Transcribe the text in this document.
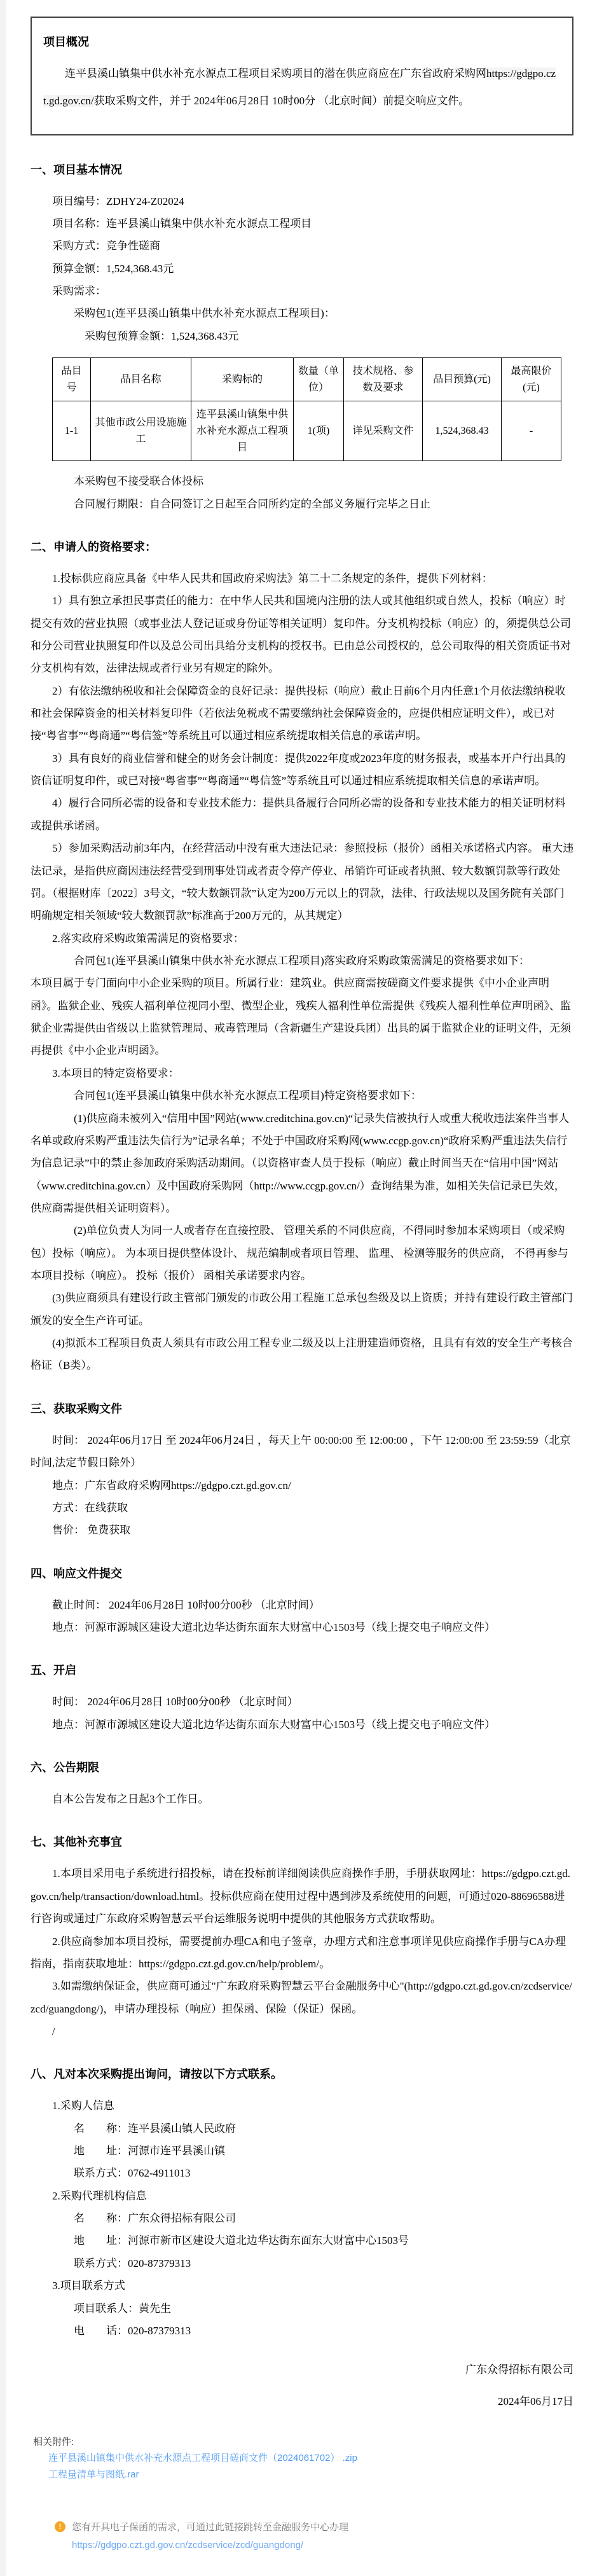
项目概况

连平县溪山镇集中供水补充水源点工程项目采购项目的潜在供应商应在广东省政府采购网https://gdgpo.czt.gd.gov.cn/获取采购文件，并于 2024年06月28日 10时00分 （北京时间）前提交响应文件。

一、项目基本情况

项目编号：ZDHY24-Z02024

项目名称：连平县溪山镇集中供水补充水源点工程项目

采购方式：竞争性磋商

预算金额：1,524,368.43元

采购需求：

采购包1(连平县溪山镇集中供水补充水源点工程项目)：

采购包预算金额：1,524,368.43元

品目号	品目名称	采购标的	数量（单位）	技术规格、参数及要求	品目预算(元)	最高限价(元)
1-1	其他市政公用设施施工	连平县溪山镇集中供水补充水源点工程项目	1(项)	详见采购文件	1,524,368.43	-

本采购包不接受联合体投标

合同履行期限：自合同签订之日起至合同所约定的全部义务履行完毕之日止

二、申请人的资格要求：

1.投标供应商应具备《中华人民共和国政府采购法》第二十二条规定的条件，提供下列材料：

1）具有独立承担民事责任的能力：在中华人民共和国境内注册的法人或其他组织或自然人，投标（响应）时提交有效的营业执照（或事业法人登记证或身份证等相关证明）复印件。分支机构投标（响应）的，须提供总公司和分公司营业执照复印件以及总公司出具给分支机构的授权书。已由总公司授权的，总公司取得的相关资质证书对分支机构有效，法律法规或者行业另有规定的除外。

2）有依法缴纳税收和社会保障资金的良好记录：提供投标（响应）截止日前6个月内任意1个月依法缴纳税收和社会保障资金的相关材料复印件（若依法免税或不需要缴纳社会保障资金的，应提供相应证明文件），或已对接“粤省事”“粤商通”“粤信签”等系统且可以通过相应系统提取相关信息的承诺声明。

3）具有良好的商业信誉和健全的财务会计制度：提供2022年度或2023年度的财务报表，或基本开户行出具的资信证明复印件，或已对接“粤省事”“粤商通”“粤信签”等系统且可以通过相应系统提取相关信息的承诺声明。

4）履行合同所必需的设备和专业技术能力：提供具备履行合同所必需的设备和专业技术能力的相关证明材料或提供承诺函。

5）参加采购活动前3年内，在经营活动中没有重大违法记录：参照投标（报价）函相关承诺格式内容。 重大违法记录，是指供应商因违法经营受到刑事处罚或者责令停产停业、吊销许可证或者执照、较大数额罚款等行政处罚。（根据财库〔2022〕3号文，“较大数额罚款”认定为200万元以上的罚款，法律、行政法规以及国务院有关部门明确规定相关领域“较大数额罚款”标准高于200万元的，从其规定）

2.落实政府采购政策需满足的资格要求：

合同包1(连平县溪山镇集中供水补充水源点工程项目)落实政府采购政策需满足的资格要求如下：

本项目属于专门面向中小企业采购的项目。所属行业：建筑业。供应商需按磋商文件要求提供《中小企业声明函》。监狱企业、残疾人福利单位视同小型、微型企业，残疾人福利性单位需提供《残疾人福利性单位声明函》、监狱企业需提供由省级以上监狱管理局、戒毒管理局（含新疆生产建设兵团）出具的属于监狱企业的证明文件，无须再提供《中小企业声明函》。

3.本项目的特定资格要求：

合同包1(连平县溪山镇集中供水补充水源点工程项目)特定资格要求如下：

(1)供应商未被列入“信用中国”网站(www.creditchina.gov.cn)“记录失信被执行人或重大税收违法案件当事人名单或政府采购严重违法失信行为”记录名单；不处于中国政府采购网(www.ccgp.gov.cn)“政府采购严重违法失信行为信息记录”中的禁止参加政府采购活动期间。（以资格审查人员于投标（响应）截止时间当天在“信用中国”网站（www.creditchina.gov.cn）及中国政府采购网（http://www.ccgp.gov.cn/）查询结果为准，如相关失信记录已失效，供应商需提供相关证明资料）。

(2)单位负责人为同一人或者存在直接控股、 管理关系的不同供应商，不得同时参加本采购项目（或采购包）投标（响应）。 为本项目提供整体设计、 规范编制或者项目管理、 监理、 检测等服务的供应商， 不得再参与本项目投标（响应）。 投标（报价） 函相关承诺要求内容。

(3)供应商须具有建设行政主管部门颁发的市政公用工程施工总承包叁级及以上资质；并持有建设行政主管部门颁发的安全生产许可证。

(4)拟派本工程项目负责人须具有市政公用工程专业二级及以上注册建造师资格，且具有有效的安全生产考核合格证（B类）。

三、获取采购文件

时间： 2024年06月17日 至 2024年06月24日 ，每天上午 00:00:00 至 12:00:00 ，下午 12:00:00 至 23:59:59（北京时间,法定节假日除外）

地点：广东省政府采购网https://gdgpo.czt.gd.gov.cn/

方式：在线获取

售价： 免费获取

四、响应文件提交

截止时间： 2024年06月28日 10时00分00秒 （北京时间）

地点：河源市源城区建设大道北边华达街东面东大财富中心1503号（线上提交电子响应文件）

五、开启

时间： 2024年06月28日 10时00分00秒 （北京时间）

地点：河源市源城区建设大道北边华达街东面东大财富中心1503号（线上提交电子响应文件）

六、公告期限

自本公告发布之日起3个工作日。

七、其他补充事宜

1.本项目采用电子系统进行招投标，请在投标前详细阅读供应商操作手册，手册获取网址：https://gdgpo.czt.gd.gov.cn/help/transaction/download.html。投标供应商在使用过程中遇到涉及系统使用的问题，可通过020-88696588进行咨询或通过广东政府采购智慧云平台运维服务说明中提供的其他服务方式获取帮助。

2.供应商参加本项目投标，需要提前办理CA和电子签章，办理方式和注意事项详见供应商操作手册与CA办理指南，指南获取地址：https://gdgpo.czt.gd.gov.cn/help/problem/。

3.如需缴纳保证金，供应商可通过"广东政府采购智慧云平台金融服务中心"(http://gdgpo.czt.gd.gov.cn/zcdservice/zcd/guangdong/)，申请办理投标（响应）担保函、保险（保证）保函。

/

八、凡对本次采购提出询问，请按以下方式联系。

1.采购人信息

名　　称：连平县溪山镇人民政府

地　　址：河源市连平县溪山镇

联系方式：0762-4911013

2.采购代理机构信息

名　　称：广东众得招标有限公司

地　　址：河源市新市区建设大道北边华达街东面东大财富中心1503号

联系方式：020-87379313

3.项目联系方式

项目联系人：黄先生

电　　话：020-87379313

广东众得招标有限公司

2024年06月17日

相关附件:
连平县溪山镇集中供水补充水源点工程项目磋商文件（2024061702） .zip
工程量清单与图纸.rar
!	您有开具电子保函的需求，可通过此链接跳转至金融服务中心办理
https://gdgpo.czt.gd.gov.cn/zcdservice/zcd/guangdong/
